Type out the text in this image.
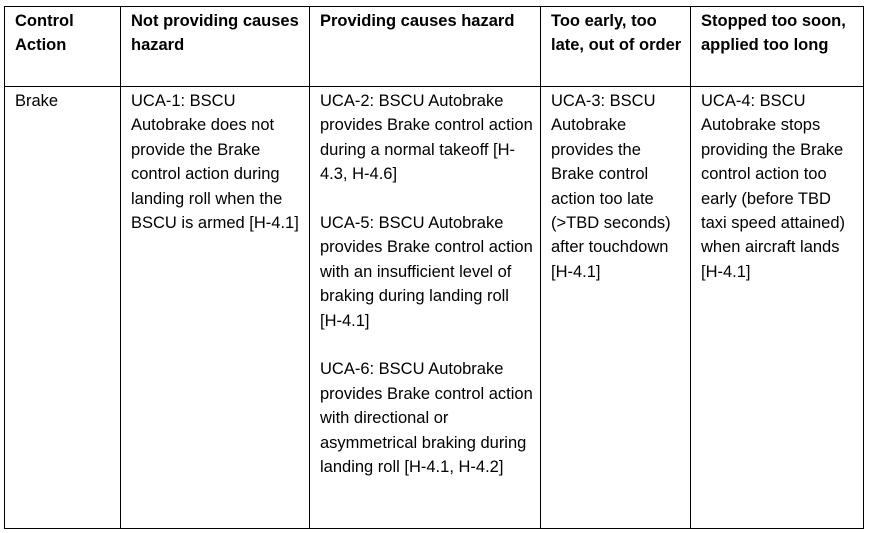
Control Action	Not providing causes hazard	Providing causes hazard	Too early, too late, out of order	Stopped too soon, applied too long
Brake	UCA-1: BSCU Autobrake does not provide the Brake control action during landing roll when the BSCU is armed [H-4.1]	UCA-2: BSCU Autobrake provides Brake control action during a normal takeoff [H-4.3, H-4.6]

UCA-5: BSCU Autobrake provides Brake control action with an insufficient level of braking during landing roll [H-4.1]

UCA-6: BSCU Autobrake provides Brake control action with directional or asymmetrical braking during landing roll [H-4.1, H-4.2]	UCA-3: BSCU Autobrake provides the Brake control action too late (>TBD seconds) after touchdown [H-4.1]	UCA-4: BSCU Autobrake stops providing the Brake control action too early (before TBD taxi speed attained) when aircraft lands [H-4.1]
